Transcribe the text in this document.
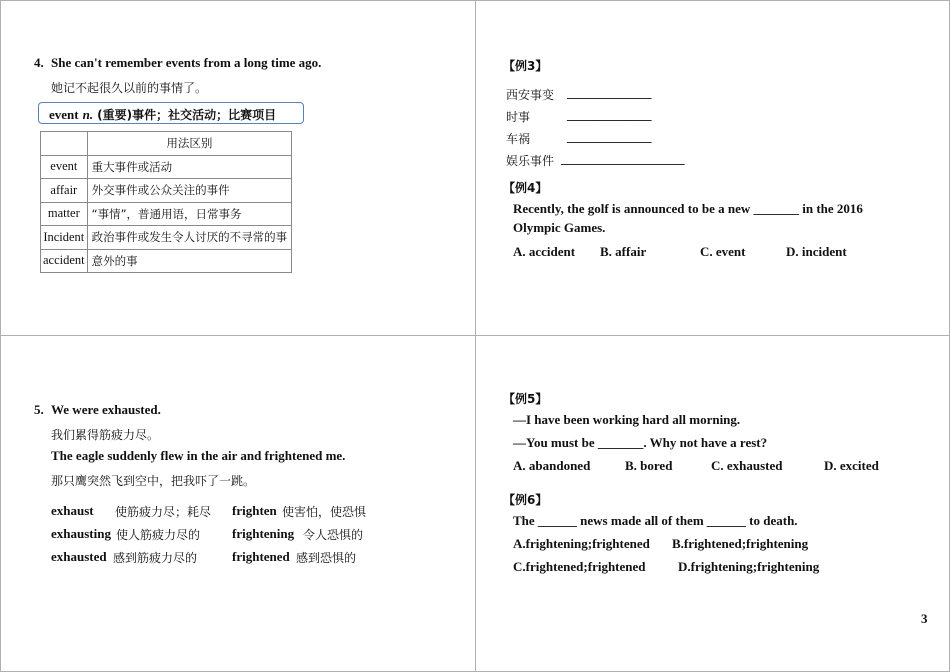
4. She can't remember events from a long time ago.
她记不起很久以前的事情了。
event n. (重要)事件；社交活动；比赛项目
	用法区别
event	重大事件或活动
affair	外交事件或公众关注的事件
matter	“事情”，普通用语，日常事务
Incident	政治事件或发生令人讨厌的不寻常的事
accident	意外的事
【例3】
西安事变 _____________
时事	_____________
车祸	_____________
娱乐事件 ___________________
【例4】
Recently, the golf is announced to be a new _______ in the 2016
Olympic Games.
A. accident B. affair	C. event	D. incident
5. We were exhausted.
我们累得筋疲力尽。
The eagle suddenly flew in the air and frightened me.
那只鹰突然飞到空中，把我吓了一跳。
exhaust 使筋疲力尽；耗尽
exhausting 使人筋疲力尽的
exhausted 感到筋疲力尽的
frighten 使害怕，使恐惧
frightening 令人恐惧的
frightened 感到恐惧的
【例5】
—I have been working hard all morning.
—You must be _______. Why not have a rest?
A. abandoned	B. bored	C. exhausted	D. excited
【例6】
The ______ news made all of them ______ to death.
A.frightening;frightened B.frightened;frightening
C.frightened;frightened D.frightening;frightening
3
